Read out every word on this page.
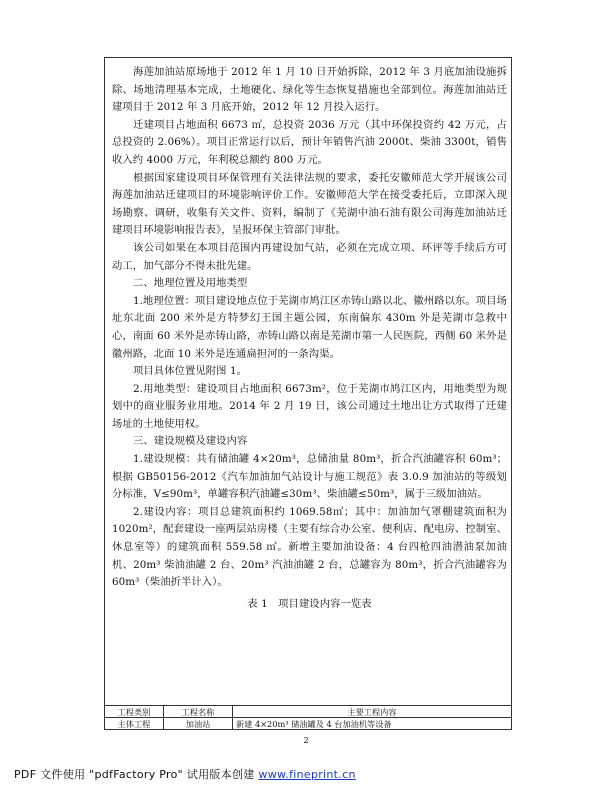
海莲加油站原场地于 2012 年 1 月 10 日开始拆除，2012 年 3 月底加油设施拆除、场地清理基本完成，土地硬化、绿化等生态恢复措施也全部到位。海莲加油站迁建项目于 2012 年 3 月底开始，2012 年 12 月投入运行。

迁建项目占地面积 6673 ㎡，总投资 2036 万元（其中环保投资约 42 万元，占总投资的 2.06%）。项目正常运行以后，预计年销售汽油 2000t、柴油 3300t，销售收入约 4000 万元，年利税总额约 800 万元。

根据国家建设项目环保管理有关法律法规的要求，委托安徽师范大学开展该公司海莲加油站迁建项目的环境影响评价工作。安徽师范大学在接受委托后，立即深入现场勘察、调研，收集有关文件、资料，编制了《芜湖中油石油有限公司海莲加油站迁建项目环境影响报告表》，呈报环保主管部门审批。

该公司如果在本项目范围内再建设加气站，必须在完成立项、环评等手续后方可动工，加气部分不得未批先建。

二、地理位置及用地类型

1.地理位置：项目建设地点位于芜湖市鸠江区赤铸山路以北、徽州路以东。项目场址东北面 200 米外是方特梦幻王国主题公园，东南偏东 430m 外是芜湖市急救中心，南面 60 米外是赤铸山路，赤铸山路以南是芜湖市第一人民医院，西侧 60 米外是徽州路，北面 10 米外是连通扁担河的一条沟渠。

项目具体位置见附图 1。

2.用地类型：建设项目占地面积 6673m²，位于芜湖市鸠江区内，用地类型为规划中的商业服务业用地。2014 年 2 月 19 日，该公司通过土地出让方式取得了迁建场址的土地使用权。

三、建设规模及建设内容

1.建设规模：共有储油罐 4×20m³，总储油量 80m³，折合汽油罐容积 60m³；根据 GB50156-2012《汽车加油加气站设计与施工规范》表 3.0.9 加油站的等级划分标准，V≤90m³，单罐容积汽油罐≤30m³、柴油罐≤50m³，属于三级加油站。

2.建设内容：项目总建筑面积约 1069.58㎡；其中：加油加气罩棚建筑面积为 1020m²，配套建设一座两层站房楼（主要有综合办公室、便利店、配电房、控制室、休息室等）的建筑面积 559.58 ㎡。新增主要加油设备：4 台四枪四油潜油泵加油机、20m³ 柴油油罐 2 台、20m³ 汽油油罐 2 台，总罐容为 80m³，折合汽油罐容为 60m³（柴油折半计入）。

表 1　项目建设内容一览表

工程类别	工程名称	主要工程内容
主体工程	加油站	新建 4×20m³ 储油罐及 4 台加油机等设备
2
PDF 文件使用 "pdfFactory Pro" 试用版本创建 www.fineprint.cn
